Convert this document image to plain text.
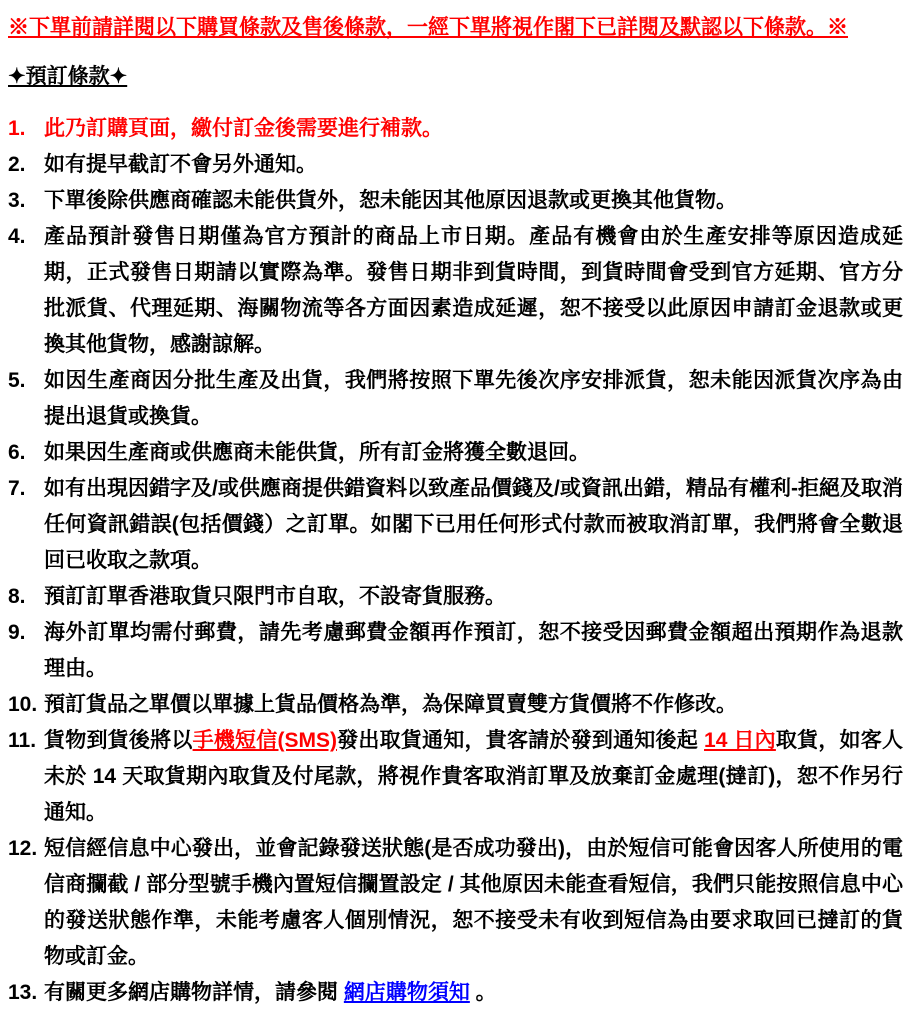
※下單前請詳閱以下購買條款及售後條款，一經下單將視作閣下已詳閱及默認以下條款。※
✦預訂條款✦
1. 此乃訂購頁面，繳付訂金後需要進行補款。
2. 如有提早截訂不會另外通知。
3. 下單後除供應商確認未能供貨外，恕未能因其他原因退款或更換其他貨物。
4. 產品預計發售日期僅為官方預計的商品上市日期。產品有機會由於生產安排等原因造成延期，正式發售日期請以實際為準。發售日期非到貨時間，到貨時間會受到官方延期、官方分批派貨、代理延期、海關物流等各方面因素造成延遲，恕不接受以此原因申請訂金退款或更換其他貨物，感謝諒解。
5. 如因生產商因分批生產及出貨，我們將按照下單先後次序安排派貨，恕未能因派貨次序為由提出退貨或換貨。
6. 如果因生產商或供應商未能供貨，所有訂金將獲全數退回。
7. 如有出現因錯字及/或供應商提供錯資料以致產品價錢及/或資訊出錯，精品有權利-拒絕及取消任何資訊錯誤(包括價錢）之訂單。如閣下已用任何形式付款而被取消訂單，我們將會全數退回已收取之款項。
8. 預訂訂單香港取貨只限門市自取，不設寄貨服務。
9. 海外訂單均需付郵費，請先考慮郵費金額再作預訂，恕不接受因郵費金額超出預期作為退款理由。
10. 預訂貨品之單價以單據上貨品價格為準，為保障買賣雙方貨價將不作修改。
11. 貨物到貨後將以手機短信(SMS)發出取貨通知，貴客請於發到通知後起 14 日內取貨，如客人未於 14 天取貨期內取貨及付尾款，將視作貴客取消訂單及放棄訂金處理(撻訂)，恕不作另行通知。
12. 短信經信息中心發出，並會記錄發送狀態(是否成功發出)，由於短信可能會因客人所使用的電信商攔截 / 部分型號手機內置短信攔置設定 / 其他原因未能查看短信，我們只能按照信息中心的發送狀態作準，未能考慮客人個別情況，恕不接受未有收到短信為由要求取回已撻訂的貨物或訂金。
13. 有關更多網店購物詳情，請參閱 網店購物須知 。
